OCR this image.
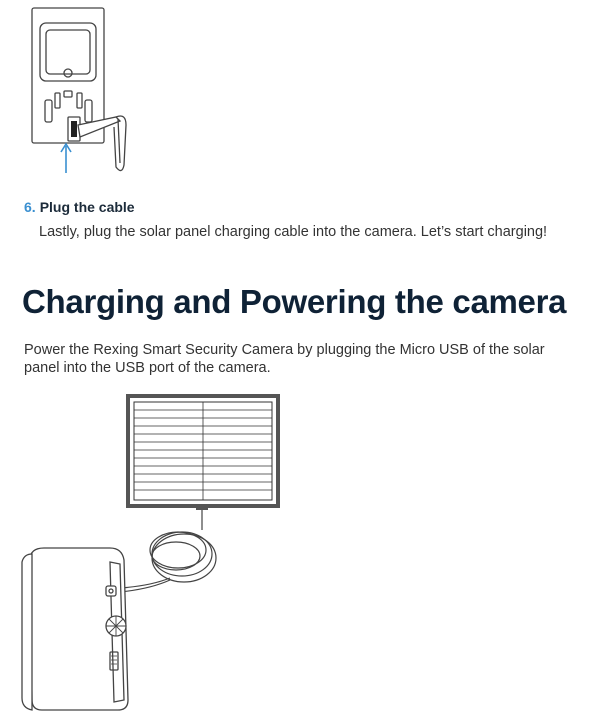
6. Plug the cable
Lastly, plug the solar panel charging cable into the camera. Let’s start charging!
Charging and Powering the camera

Power the Rexing Smart Security Camera by plugging the Micro USB of the solar panel into the USB port of the camera.
